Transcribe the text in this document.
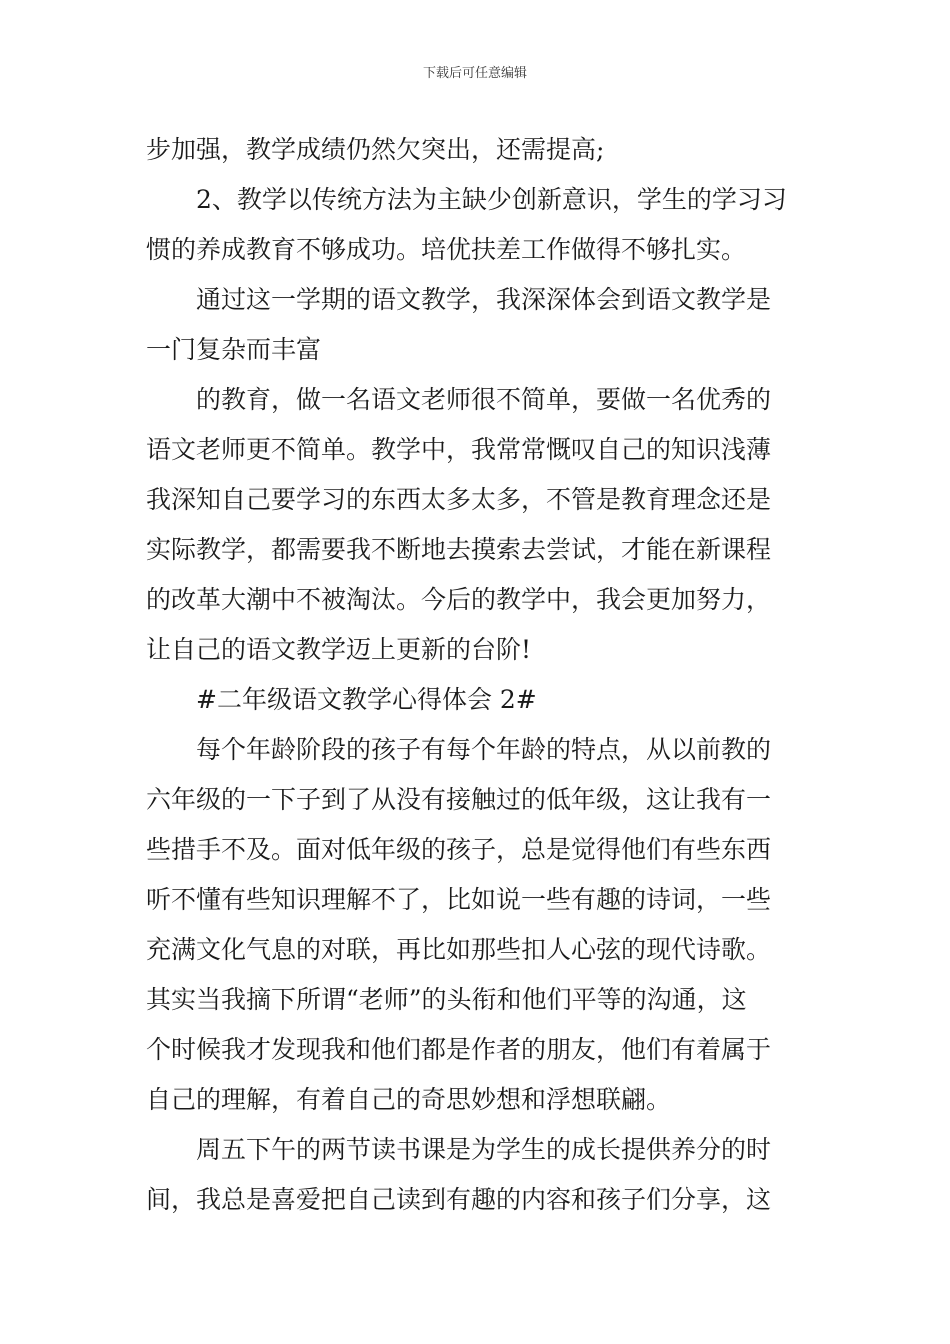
下载后可任意编辑
步加强，教学成绩仍然欠突出，还需提高;
2、教学以传统方法为主缺少创新意识，学生的学习习
惯的养成教育不够成功。培优扶差工作做得不够扎实。
通过这一学期的语文教学，我深深体会到语文教学是
一门复杂而丰富
的教育，做一名语文老师很不简单，要做一名优秀的
语文老师更不简单。教学中，我常常慨叹自己的知识浅薄
我深知自己要学习的东西太多太多，不管是教育理念还是
实际教学，都需要我不断地去摸索去尝试，才能在新课程
的改革大潮中不被淘汰。今后的教学中，我会更加努力，
让自己的语文教学迈上更新的台阶!
#二年级语文教学心得体会 2#
每个年龄阶段的孩子有每个年龄的特点，从以前教的
六年级的一下子到了从没有接触过的低年级，这让我有一
些措手不及。面对低年级的孩子，总是觉得他们有些东西
听不懂有些知识理解不了，比如说一些有趣的诗词，一些
充满文化气息的对联，再比如那些扣人心弦的现代诗歌。
其实当我摘下所谓“老师”的头衔和他们平等的沟通，这
个时候我才发现我和他们都是作者的朋友，他们有着属于
自己的理解，有着自己的奇思妙想和浮想联翩。
周五下午的两节读书课是为学生的成长提供养分的时
间，我总是喜爱把自己读到有趣的内容和孩子们分享，这
